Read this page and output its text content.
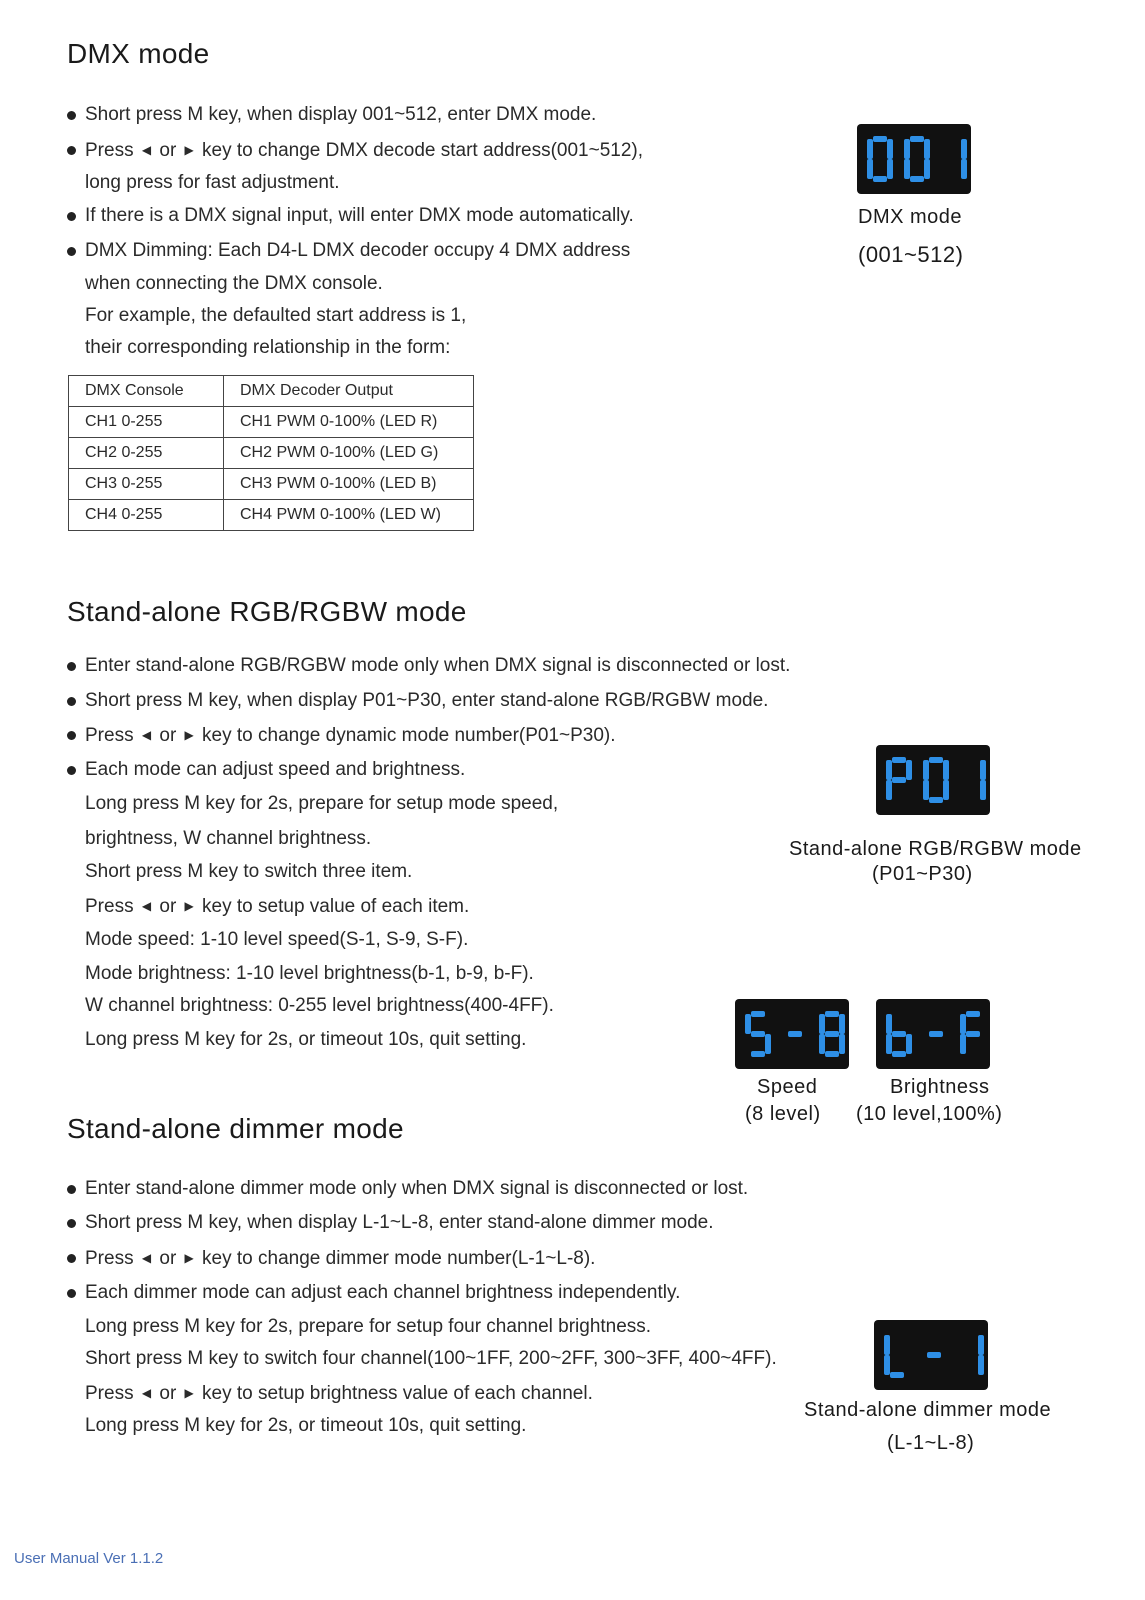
DMX mode
Short press M key, when display 001~512, enter DMX mode.
Press ◀ or ▶ key to change DMX decode start address(001~512),
long press for fast adjustment.
If there is a DMX signal input, will enter DMX mode automatically.
DMX Dimming: Each D4-L DMX decoder occupy 4 DMX address
when connecting the DMX console.
For example, the defaulted start address is 1,
their corresponding relationship in the form:
DMX Console	DMX Decoder Output
CH1 0-255	CH1 PWM 0-100% (LED R)
CH2 0-255	CH2 PWM 0-100% (LED G)
CH3 0-255	CH3 PWM 0-100% (LED B)
CH4 0-255	CH4 PWM 0-100% (LED W)
DMX mode
(001~512)
Stand-alone RGB/RGBW mode
Enter stand-alone RGB/RGBW mode only when DMX signal is disconnected or lost.
Short press M key, when display P01~P30, enter stand-alone RGB/RGBW mode.
Press ◀ or ▶ key to change dynamic mode number(P01~P30).
Each mode can adjust speed and brightness.
Long press M key for 2s, prepare for setup mode speed,
brightness, W channel brightness.
Short press M key to switch three item.
Press ◀ or ▶ key to setup value of each item.
Mode speed: 1-10 level speed(S-1, S-9, S-F).
Mode brightness: 1-10 level brightness(b-1, b-9, b-F).
W channel brightness: 0-255 level brightness(400-4FF).
Long press M key for 2s, or timeout 10s, quit setting.
Stand-alone RGB/RGBW mode
(P01~P30)
Speed
(8 level)
Brightness
(10 level,100%)
Stand-alone dimmer mode
Enter stand-alone dimmer mode only when DMX signal is disconnected or lost.
Short press M key, when display L-1~L-8, enter stand-alone dimmer mode.
Press ◀ or ▶ key to change dimmer mode number(L-1~L-8).
Each dimmer mode can adjust each channel brightness independently.
Long press M key for 2s, prepare for setup four channel brightness.
Short press M key to switch four channel(100~1FF, 200~2FF, 300~3FF, 400~4FF).
Press ◀ or ▶ key to setup brightness value of each channel.
Long press M key for 2s, or timeout 10s, quit setting.
Stand-alone dimmer mode
(L-1~L-8)
User Manual Ver 1.1.2
